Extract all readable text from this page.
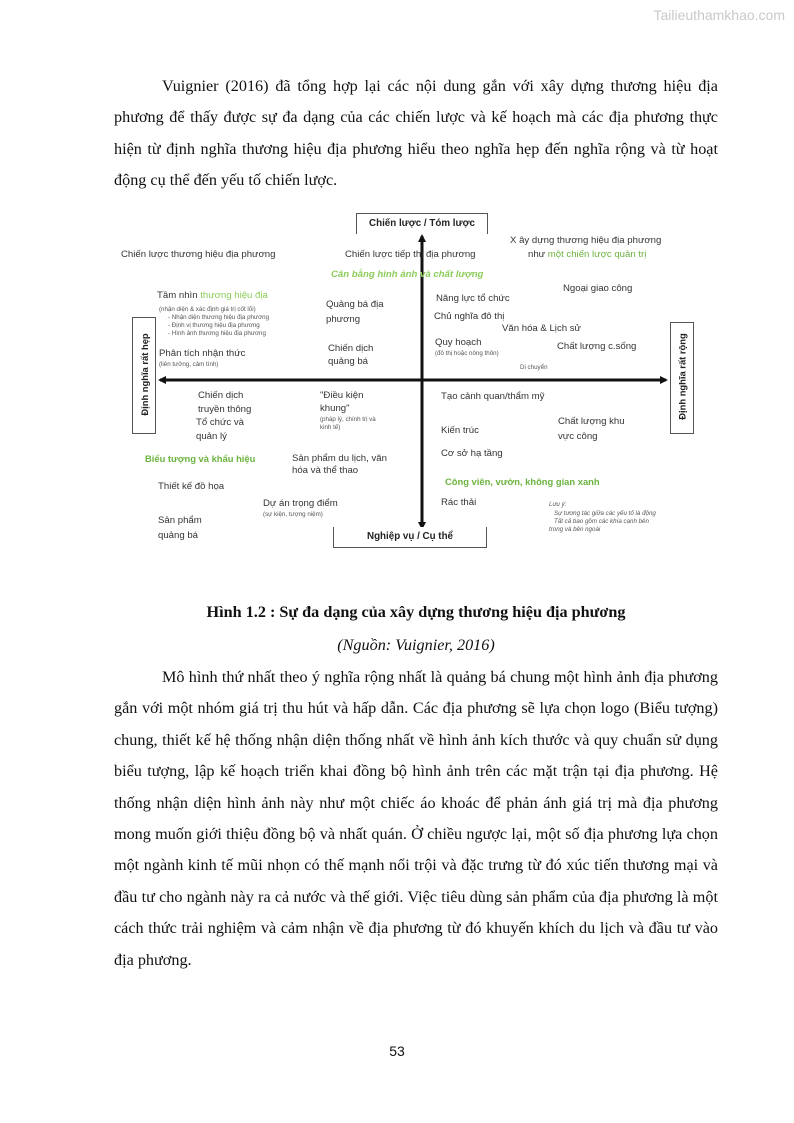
Tailieuthamkhao.com

Vuignier (2016) đã tổng hợp lại các nội dung gắn với xây dựng thương hiệu địa phương để thấy được sự đa dạng của các chiến lược và kế hoạch mà các địa phương thực hiện từ định nghĩa thương hiệu địa phương hiểu theo nghĩa hẹp đến nghĩa rộng và từ hoạt động cụ thể đến yếu tố chiến lược.

Chiến lược / Tóm lược
Nghiệp vụ / Cụ thể
Định nghĩa rất hẹp	Định nghĩa rất rộng
Chiến lược thương hiệu địa phương	Chiến lược tiếp thị địa phương
X ây dựng thương hiệu địa phương
như một chiến lược quản trị
Cân bằng hình ảnh và chất lượng
Tầm nhìn thương hiệu địa
(nhận diện & xác định giá trị cốt lõi)
- Nhận diện thương hiệu địa phương
- Định vị thương hiệu địa phương
- Hình ảnh thương hiệu địa phương
Quảng bá địa
phương
Năng lực tổ chức
Ngoại giao công
Chủ nghĩa đô thị
Văn hóa & Lịch sử
Phân tích nhận thức
(liên tưởng, cảm tính)
Chiến dịch
quảng bá
Quy hoạch
(đô thị hoặc nông thôn)
Chất lượng c.sống
Di chuyển
Chiến dịch
truyền thông
"Điều kiện
khung"
(pháp lý, chính trị và
kinh tế)
Tạo cảnh quan/thẩm mỹ
Tổ chức và
quản lý
Kiến trúc
Chất lượng khu
vực công
Biểu tượng và khẩu hiệu	Sản phẩm du lịch, văn
hóa và thể thao
Cơ sở hạ tầng
Công viên, vườn, không gian xanh
Thiết kế đồ họa
Dự án trọng điểm
(sự kiện, tượng niệm)
Rác thải	Lưu ý:
Sự tương tác giữa các yếu tố là động
Tất cả bao gồm các khía cạnh bên
trong và bên ngoài
Sản phẩm
quảng bá
Hình 1.2 : Sự đa dạng của xây dựng thương hiệu địa phương
(Nguồn: Vuignier, 2016)

Mô hình thứ nhất theo ý nghĩa rộng nhất là quảng bá chung một hình ảnh địa phương gắn với một nhóm giá trị thu hút và hấp dẫn. Các địa phương sẽ lựa chọn logo (Biểu tượng) chung, thiết kế hệ thống nhận diện thống nhất về hình ảnh kích thước và quy chuẩn sử dụng biểu tượng, lập kế hoạch triển khai đồng bộ hình ảnh trên các mặt trận tại địa phương. Hệ thống nhận diện hình ảnh này như một chiếc áo khoác để phản ánh giá trị mà địa phương mong muốn giới thiệu đồng bộ và nhất quán. Ở chiều ngược lại, một số địa phương lựa chọn một ngành kinh tế mũi nhọn có thế mạnh nổi trội và đặc trưng từ đó xúc tiến thương mại và đầu tư cho ngành này ra cả nước và thế giới. Việc tiêu dùng sản phẩm của địa phương là một cách thức trải nghiệm và cảm nhận về địa phương từ đó khuyến khích du lịch và đầu tư vào địa phương.

53
